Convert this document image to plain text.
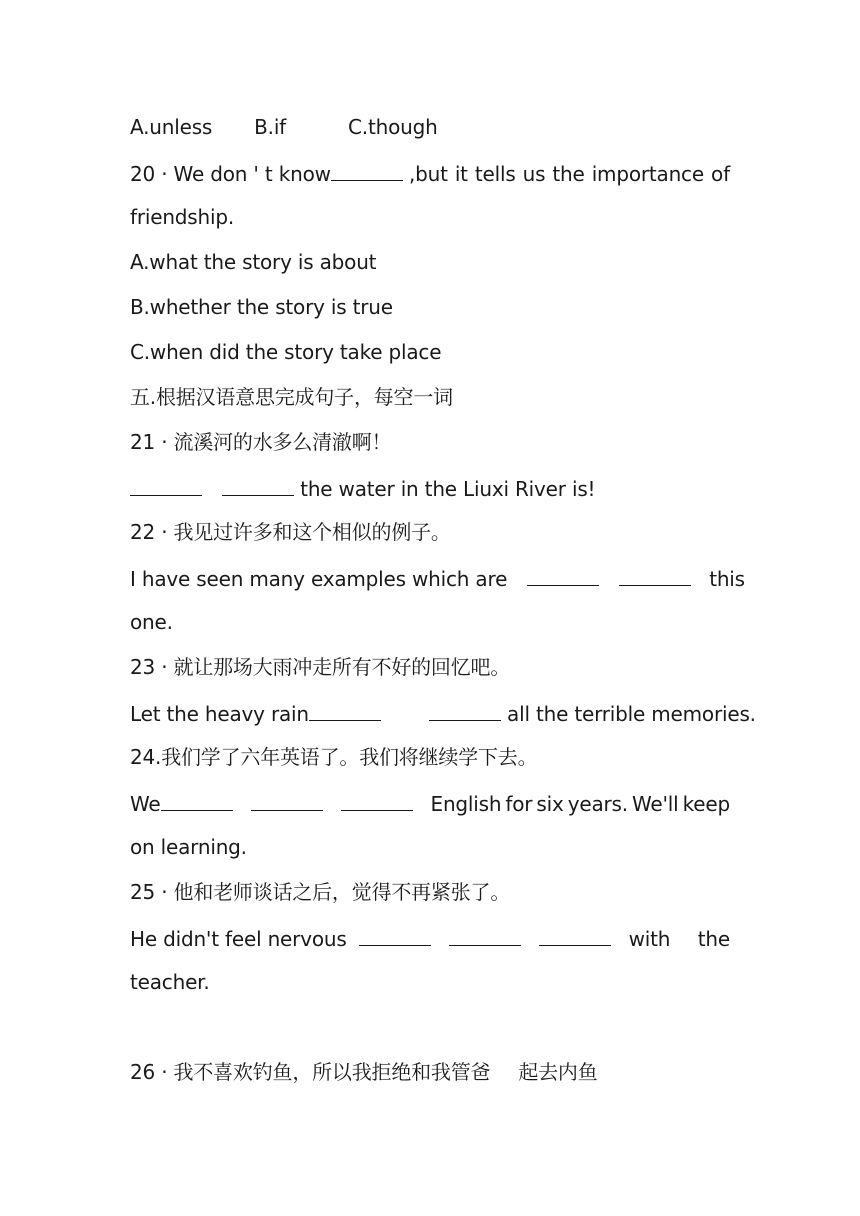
A.unless B.if	C.though
20 · We don ' t know	,but it tells us the importance of
friendship.
A.what the story is about
B.whether the story is true
C.when did the story take place
五.根据汉语意思完成句子，每空一词
21 · 流溪河的水多么清澈啊！
the water in the Liuxi River is!
22 · 我见过许多和这个相似的例子。
I have seen many examples which are	this
one.
23 · 就让那场大雨冲走所有不好的回忆吧。
Let the heavy rain	all the terrible memories.
24.我们学了六年英语了。我们将继续学下去。
We	English for six years. We'll keep
on learning.
25 · 他和老师谈话之后，觉得不再紧张了。
He didn't feel nervous	with the
teacher.
26 · 我不喜欢钓鱼，所以我拒绝和我管爸 起去内鱼
